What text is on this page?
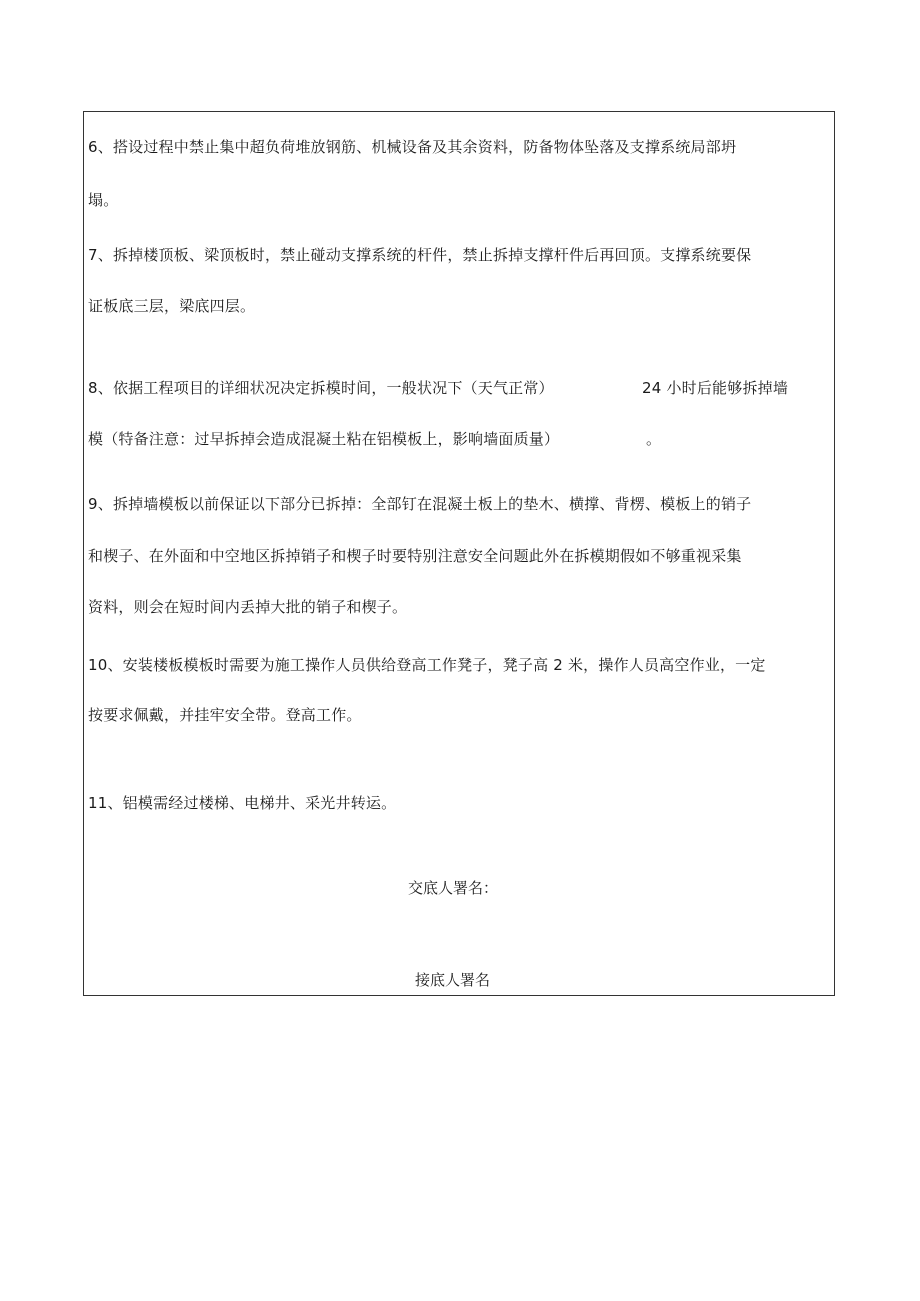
6、搭设过程中禁止集中超负荷堆放钢筋、机械设备及其余资料，防备物体坠落及支撑系统局部坍
塌。
7、拆掉楼顶板、梁顶板时，禁止碰动支撑系统的杆件，禁止拆掉支撑杆件后再回顶。支撑系统要保
证板底三层，梁底四层。
8、依据工程项目的详细状况决定拆模时间，一般状况下（天气正常）	24 小时后能够拆掉墙
模（特备注意：过早拆掉会造成混凝土粘在铝模板上，影响墙面质量）	。
9、拆掉墙模板以前保证以下部分已拆掉：全部钉在混凝土板上的垫木、横撑、背楞、模板上的销子
和楔子、在外面和中空地区拆掉销子和楔子时要特别注意安全问题此外在拆模期假如不够重视采集
资料，则会在短时间内丢掉大批的销子和楔子。
10、安装楼板模板时需要为施工操作人员供给登高工作凳子，凳子高 2 米，操作人员高空作业，一定
按要求佩戴，并挂牢安全带。登高工作。
11、铝模需经过楼梯、电梯井、采光井转运。
交底人署名：
接底人署名
